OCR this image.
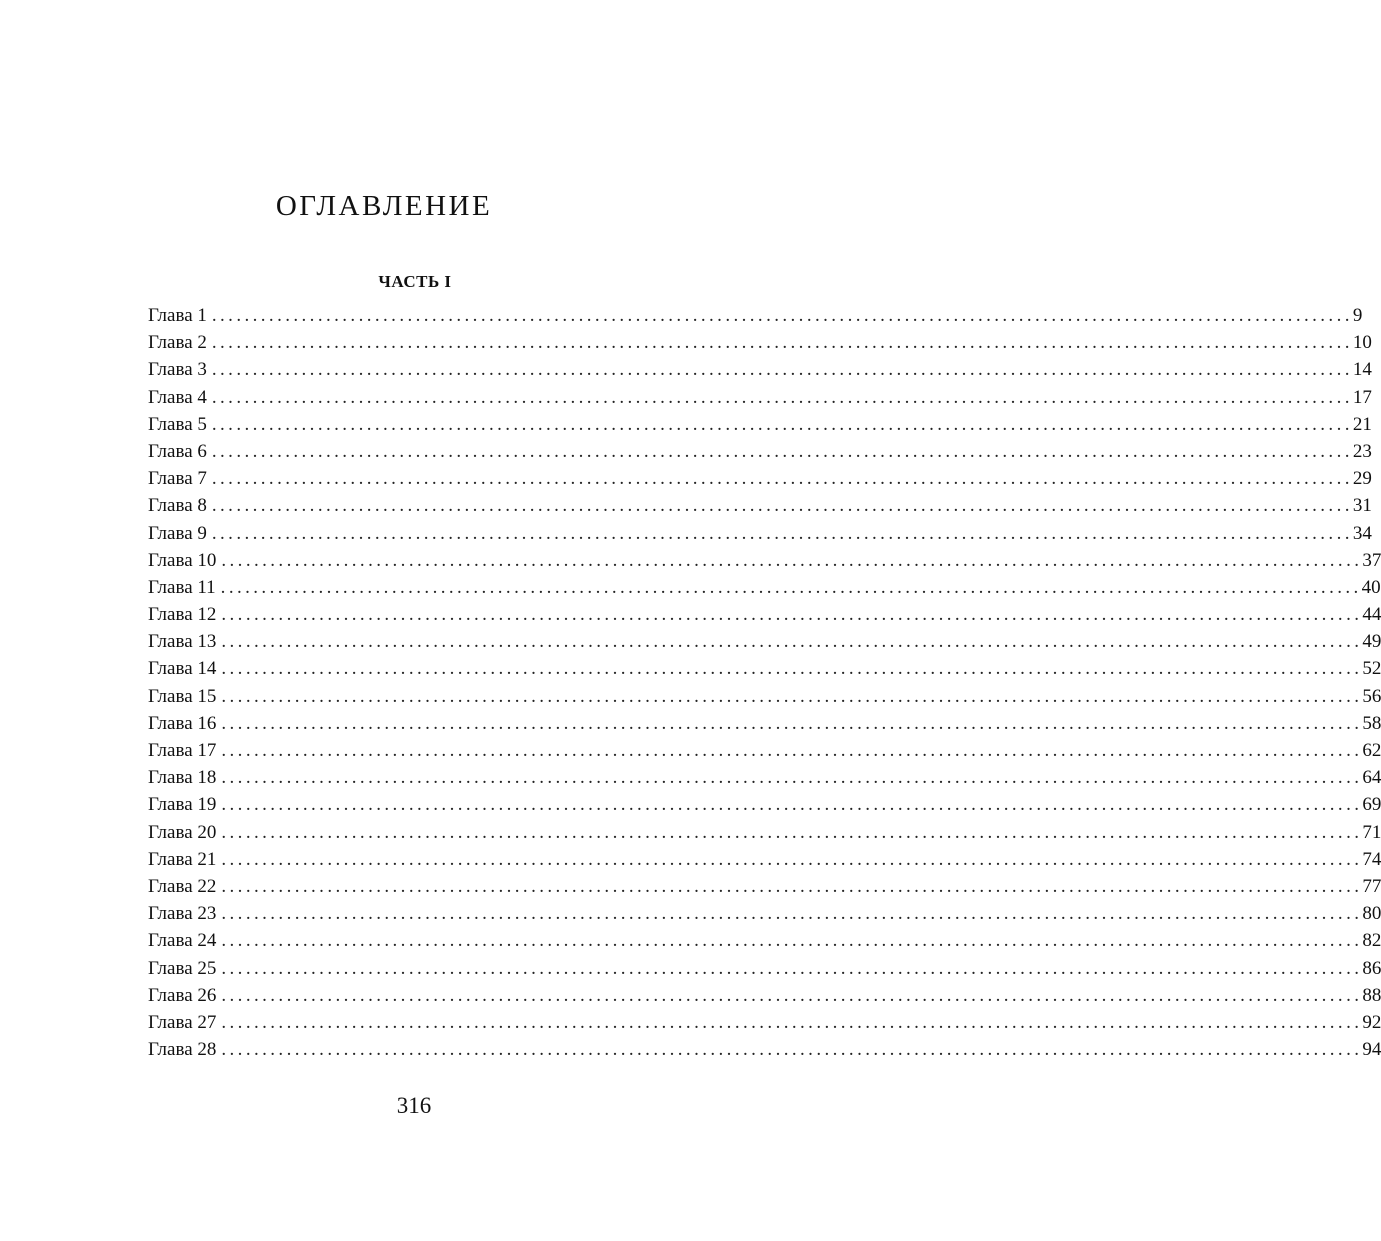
ОГЛАВЛЕНИЕ
ЧАСТЬ I
Глава 1 ............................................................................................................................................ 9
Глава 2 ............................................................................................................................................ 10
Глава 3 ............................................................................................................................................ 14
Глава 4 ............................................................................................................................................ 17
Глава 5 ............................................................................................................................................ 21
Глава 6 ............................................................................................................................................ 23
Глава 7 ............................................................................................................................................ 29
Глава 8 ............................................................................................................................................ 31
Глава 9 ............................................................................................................................................ 34
Глава 10 ............................................................................................................................................ 37
Глава 11 ............................................................................................................................................ 40
Глава 12 ............................................................................................................................................ 44
Глава 13 ............................................................................................................................................ 49
Глава 14 ............................................................................................................................................ 52
Глава 15 ............................................................................................................................................ 56
Глава 16 ............................................................................................................................................ 58
Глава 17 ............................................................................................................................................ 62
Глава 18 ............................................................................................................................................ 64
Глава 19 ............................................................................................................................................ 69
Глава 20 ............................................................................................................................................ 71
Глава 21 ............................................................................................................................................ 74
Глава 22 ............................................................................................................................................ 77
Глава 23 ............................................................................................................................................ 80
Глава 24 ............................................................................................................................................ 82
Глава 25 ............................................................................................................................................ 86
Глава 26 ............................................................................................................................................ 88
Глава 27 ............................................................................................................................................ 92
Глава 28 ............................................................................................................................................ 94
316
